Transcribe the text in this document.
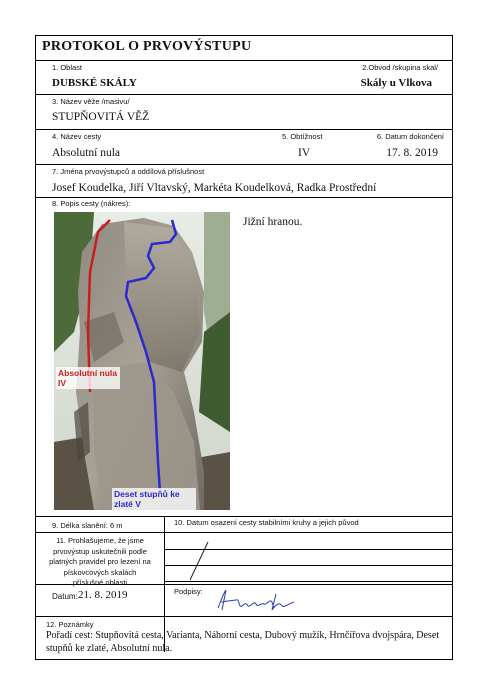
PROTOKOL O PRVOVÝSTUPU
1. Oblast
DUBSKÉ SKÁLY
2.Obvod /skupina skal/
Skály u Vlkova
3. Název věže /masivu/
STUPŇOVITÁ VĚŽ
4. Název cesty
Absolutní nula
5. Obtížnost
IV
6. Datum dokončení
17. 8. 2019
7. Jména prvovýstupců a oddílová příslušnost
Josef Koudelka, Jiří Vltavský, Markéta Koudelková, Radka Prostřední
8. Popis cesty (nákres):
Jižní hranou.
Absolutní nula IV
Deset stupňů ke zlaté V
9. Délka slanění: 6 m	10. Datum osazení cesty stabilními kruhy a jejich původ
11. Prohlašujeme, že jsme prvovýstup uskutečnili podle platných pravidel pro lezení na pískovcových skalách příslušné oblasti
Datum: 21. 8. 2019	Podpisy:
12. Poznámky
Pořadí cest: Stupňovitá cesta, Varianta, Náhorní cesta, Dubový mužík, Hrnčířova dvojspára, Deset stupňů ke zlaté, Absolutní nula.
